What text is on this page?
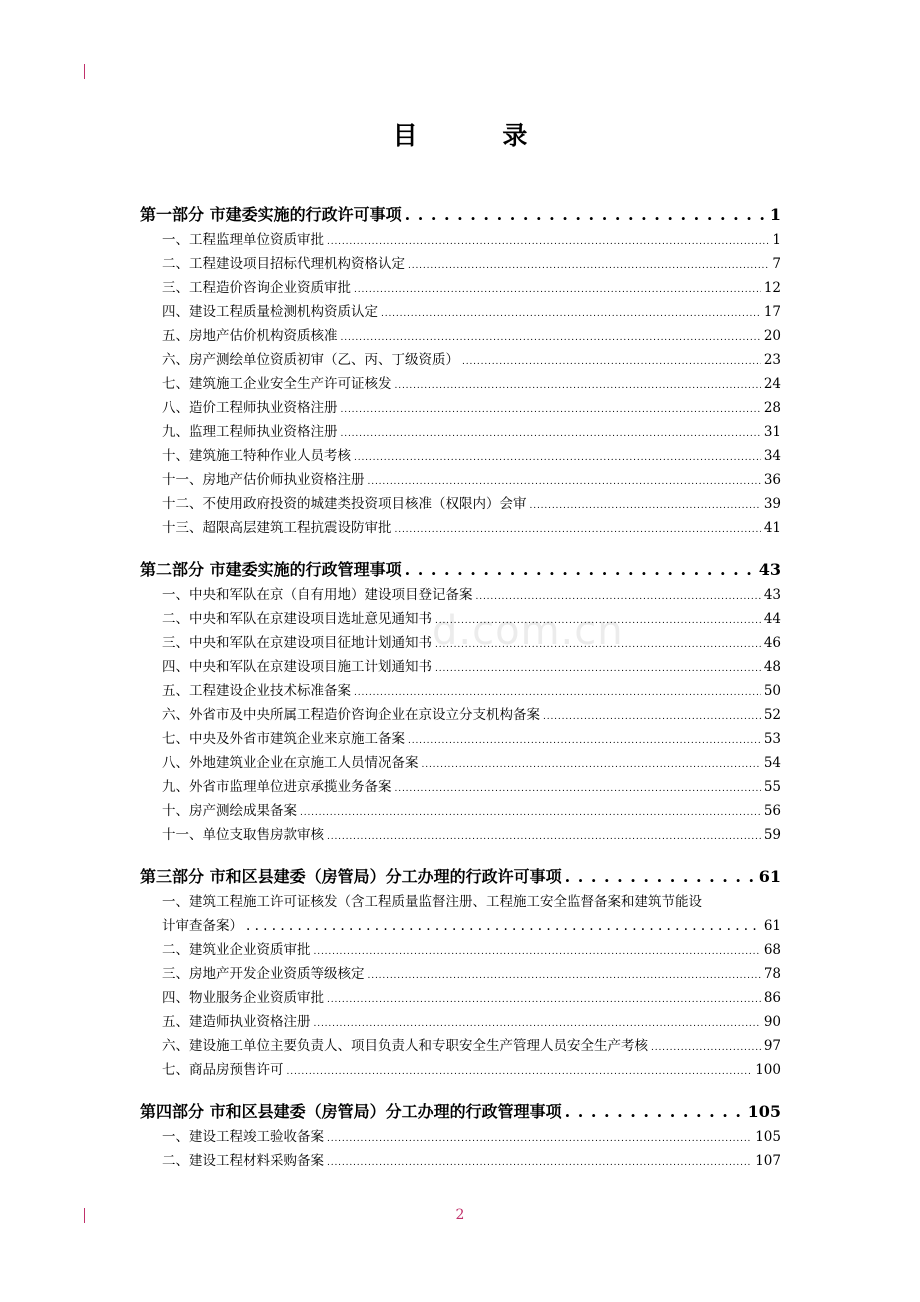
目 录
d.com.cn
第一部分 市建委实施的行政许可事项 . . .	1
一、工程监理单位资质审批 . . .	1
二、工程建设项目招标代理机构资格认定 . . .	7
三、工程造价咨询企业资质审批 . . .	12
四、建设工程质量检测机构资质认定 . . .	17
五、房地产估价机构资质核准 . . .	20
六、房产测绘单位资质初审（乙、丙、丁级资质） . . .	23
七、建筑施工企业安全生产许可证核发 . . .	24
八、造价工程师执业资格注册 . . .	28
九、监理工程师执业资格注册 . . .	31
十、建筑施工特种作业人员考核 . . .	34
十一、房地产估价师执业资格注册 . . .	36
十二、不使用政府投资的城建类投资项目核准（权限内）会审 . . .	39
十三、超限高层建筑工程抗震设防审批 . . .	41
第二部分 市建委实施的行政管理事项 . . .	43
一、中央和军队在京（自有用地）建设项目登记备案 . . .	43
二、中央和军队在京建设项目选址意见通知书 . . .	44
三、中央和军队在京建设项目征地计划通知书 . . .	46
四、中央和军队在京建设项目施工计划通知书 . . .	48
五、工程建设企业技术标准备案 . . .	50
六、外省市及中央所属工程造价咨询企业在京设立分支机构备案 . . .	52
七、中央及外省市建筑企业来京施工备案 . . .	53
八、外地建筑业企业在京施工人员情况备案 . . .	54
九、外省市监理单位进京承揽业务备案 . . .	55
十、房产测绘成果备案 . . .	56
十一、单位支取售房款审核 . . .	59
第三部分 市和区县建委（房管局）分工办理的行政许可事项 . . .	61
一、建筑工程施工许可证核发（含工程质量监督注册、工程施工安全监督备案和建筑节能设
计审查备案） . . .	61
二、建筑业企业资质审批 . . .	68
三、房地产开发企业资质等级核定 . . .	78
四、物业服务企业资质审批 . . .	86
五、建造师执业资格注册 . . .	90
六、建设施工单位主要负责人、项目负责人和专职安全生产管理人员安全生产考核 . . .	97
七、商品房预售许可 . . .	100
第四部分 市和区县建委（房管局）分工办理的行政管理事项 . . .	105
一、建设工程竣工验收备案 . . .	105
二、建设工程材料采购备案 . . .	107
2
